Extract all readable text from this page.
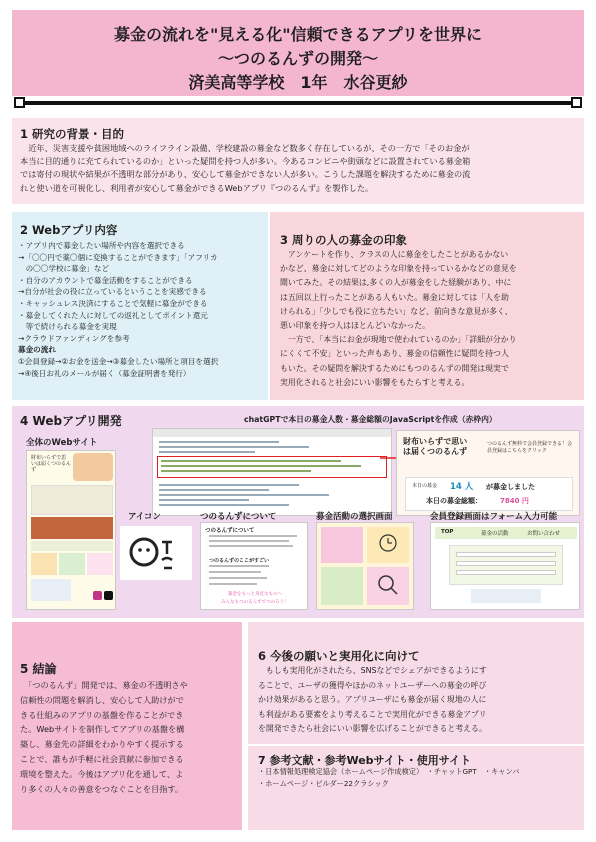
募金の流れを"見える化"信頼できるアプリを世界に
〜つのるんずの開発〜
済美高等学校　1年　水谷更紗
1 研究の背景・目的
　近年、災害支援や貧困地域へのライフライン設備、学校建設の募金など数多く存在しているが、その一方で「そのお金が
本当に目的通りに充てられているのか」といった疑問を持つ人が多い。今あるコンビニや街頭などに設置されている募金箱
では寄付の現状や結果が不透明な部分があり、安心して募金ができない人が多い。こうした課題を解決するために募金の流
れと使い道を可視化し、利用者が安心して募金ができるWebアプリ『つのるんず』を製作した。
2 Webアプリ内容
・アプリ内で募金したい場所や内容を選択できる
→「〇〇円で薬〇個に変換することができます」「アフリカ
　の〇〇学校に募金」など
・自分のアカウントで募金活動をすることができる
→自分が社会の役に立っているということを実感できる
・キャッシュレス決済にすることで気軽に募金ができる
・募金してくれた人に対しての返礼としてポイント還元
　等で続けられる募金を実現
→クラウドファンディングを参考
募金の流れ
①会員登録→②お金を送金→③募金したい場所と項目を選択
→④後日お礼のメールが届く（募金証明書を発行）
3 周りの人の募金の印象
　アンケートを作り、クラスの人に募金をしたことがあるかない
かなど、募金に対してどのような印象を持っているかなどの意見を
聞いてみた。その結果は,多くの人が募金をした経験があり、中に
は五回以上行ったことがある人もいた。募金に対しては「人を助
けられる」「少しでも役に立ちたい」など、前向きな意見が多く、
悪い印象を持つ人はほとんどいなかった。
　一方で、「本当にお金が現地で使われているのか」「詳細が分かり
にくくて不安」といった声もあり、募金の信頼性に疑問を持つ人
もいた。その疑問を解決するためにもつのるんずの開発は現実で
実用化されると社会にいい影響をもたらすと考える。
4 Webアプリ開発	chatGPTで本日の募金人数・募金総額のJavaScriptを作成（赤枠内）
全体のWebサイト
財布いらずで思いは届くつのるんず
財布いらずで思いは届くつのるんず
つのるんず無料で会員登録できる！会員登録はこちらをクリック
本日の募金 14 人 が募金しました
本日の募金総額：	7840 円
アイコン	つのるんずについて	募金活動の選択画面	会員登録画面はフォーム入力可能
つのるんずについて
つのるんずのここがすごい
募金をもっと身近なものへ
みんなもつのるんずでつのろう！
TOP	募金の活動	お問い合わせ
5 結論
　「つのるんず」開発では、募金の不透明さや
信頼性の問題を解消し、安心して人助けがで
きる仕組みのアプリの基盤を作ることができ
た。Webサイトを制作してアプリの基盤を構
築し、募金先の詳細をわかりやすく提示する
ことで、誰もが手軽に社会貢献に参加できる
環境を整えた。今後はアプリ化を通して、よ
り多くの人々の善意をつなぐことを目指す。
6 今後の願いと実用化に向けて
　もしも実用化がされたら、SNSなどでシェアができるようにす
ることで、ユーザの獲得やほかのネットユーザーへの募金の呼び
かけ効果があると思う。アプリユーザにも募金が届く現地の人に
も利益がある要素をより考えることで実用化ができる募金アプリ
を開発できたら社会にいい影響を広げることができると考える。
7 参考文献・参考Webサイト・使用サイト
・日本情報処理検定協会（ホームページ作成検定）　・チャットGPT　・キャンバ
・ホームページ・ビルダー22クラシック
